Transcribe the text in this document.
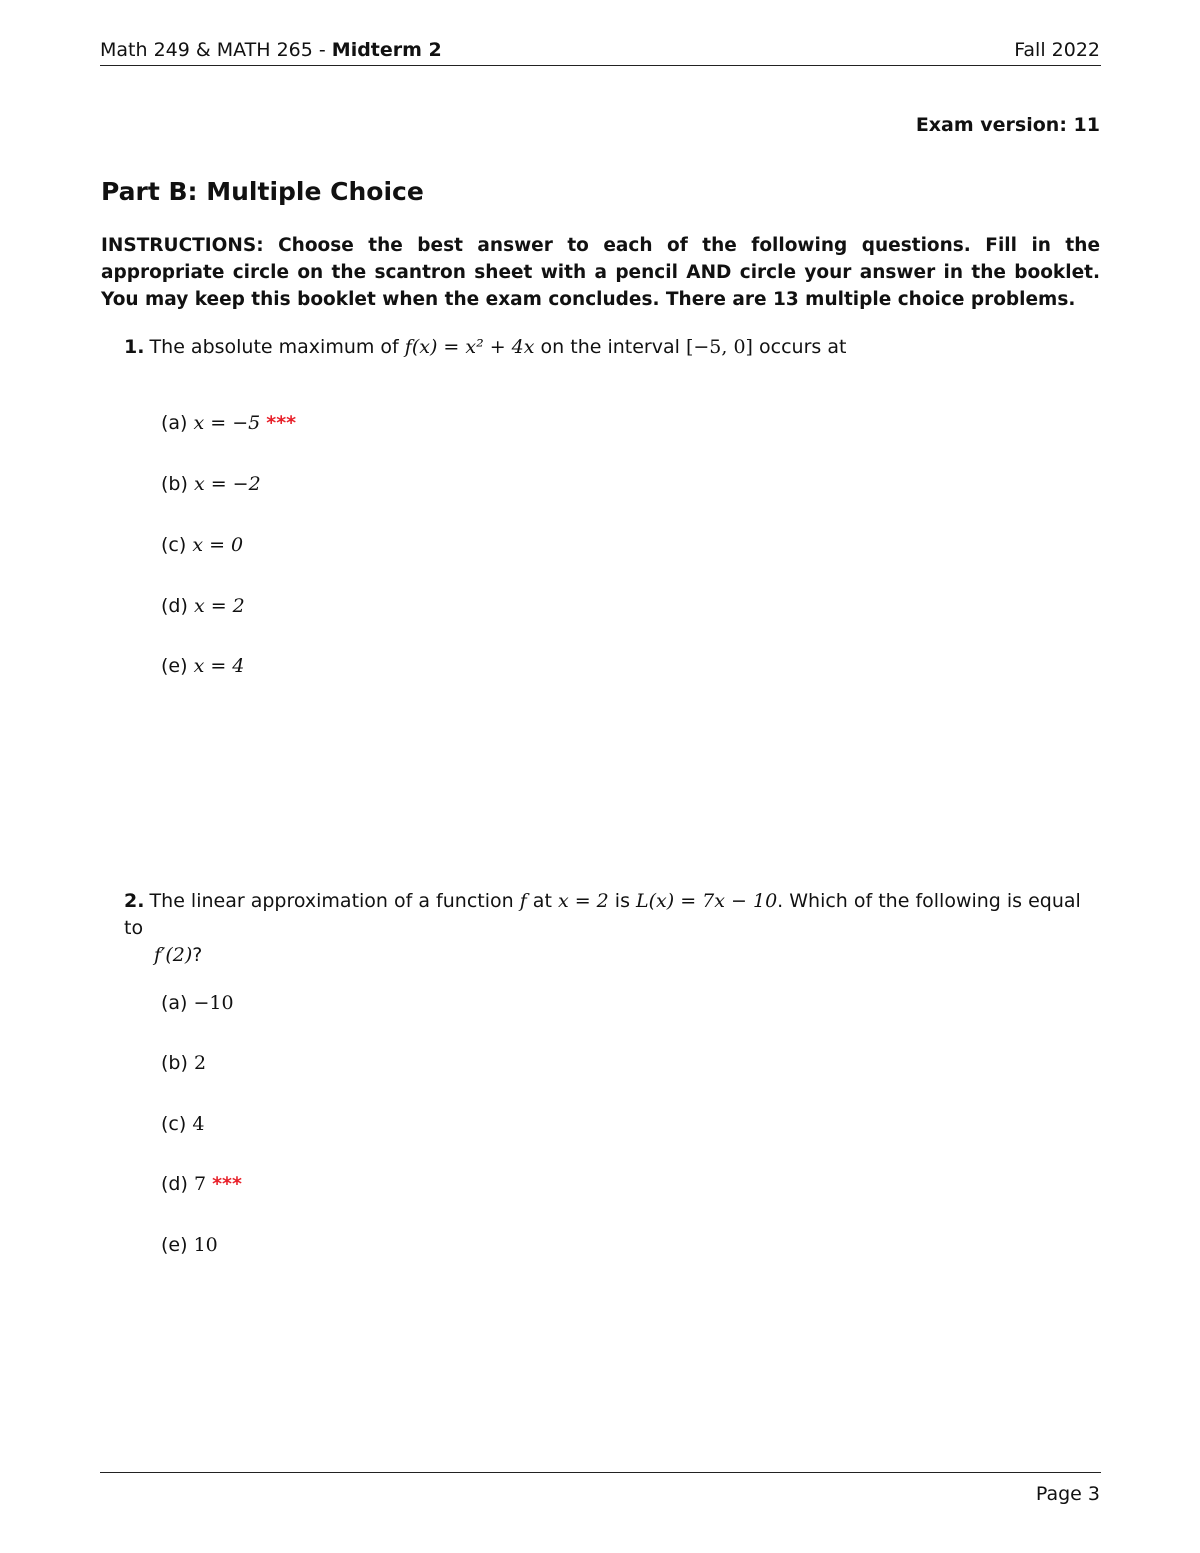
Math 249 & MATH 265 - Midterm 2	Fall 2022
Exam version: 11
Part B: Multiple Choice

INSTRUCTIONS: Choose the best answer to each of the following questions. Fill in the appropriate circle on the scantron sheet with a pencil AND circle your answer in the booklet. You may keep this booklet when the exam concludes. There are 13 multiple choice problems.

1. The absolute maximum of f(x) = x² + 4x on the interval [−5, 0] occurs at
(a) x = −5 ***
(b) x = −2
(c) x = 0
(d) x = 2
(e) x = 4
2. The linear approximation of a function f at x = 2 is L(x) = 7x − 10. Which of the following is equal to
f′(2)?
(a) −10
(b) 2
(c) 4
(d) 7 ***
(e) 10
Page 3
